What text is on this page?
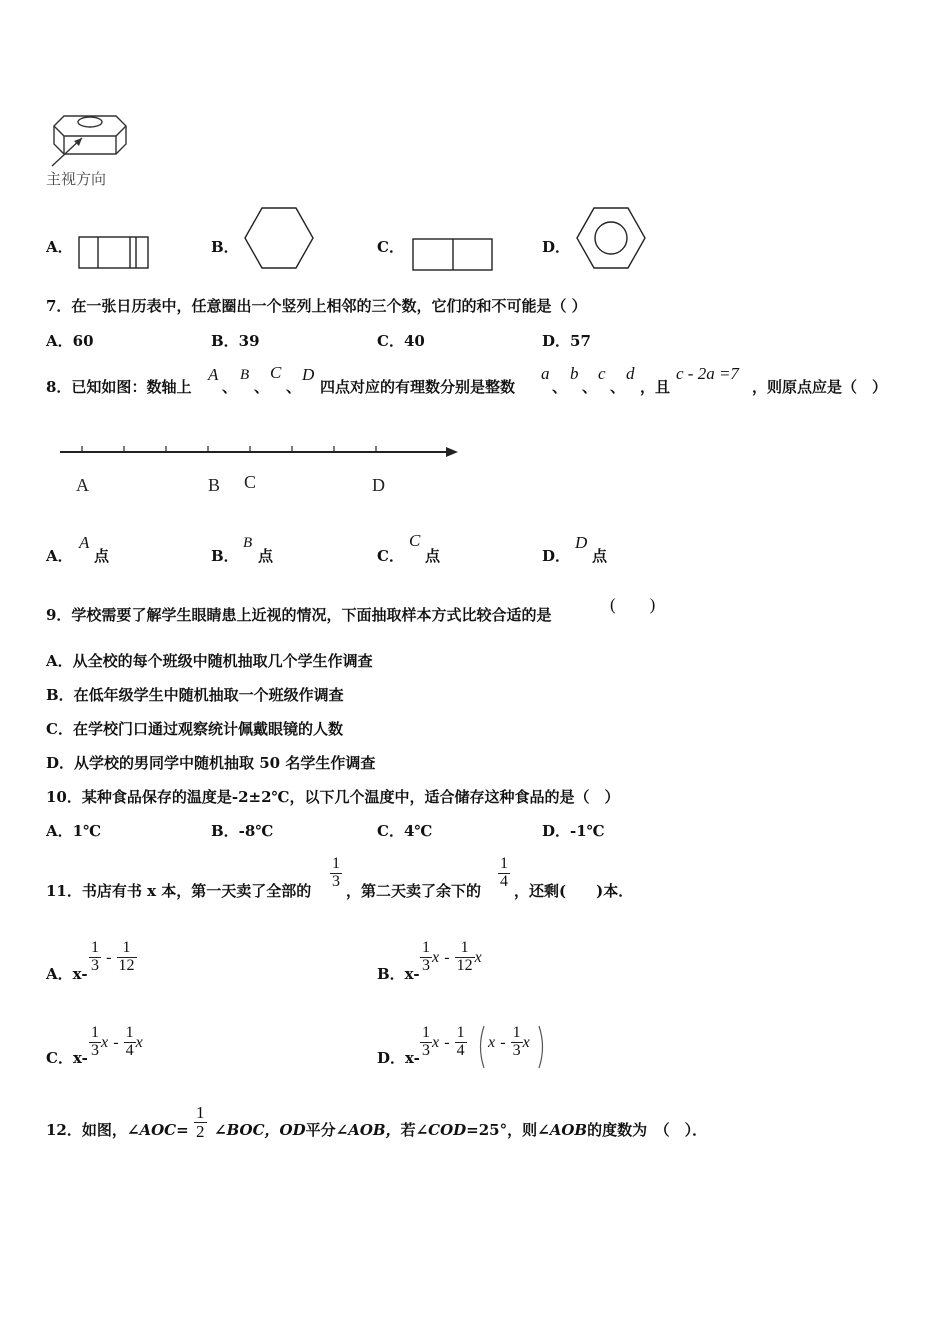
主视方向
A．	B．	C．	D．
7．在一张日历表中，任意圈出一个竖列上相邻的三个数，它们的和不可能是（ ）
A．60	B．39	C．40	D．57
8．已知如图：数轴上
A
、
B
、
C
、
D
四点对应的有理数分别是整数
a
、
b
、
c
、
d
，且
c - 2a =7
，则原点应是（　）
A	B C	D
A．
A
点	B．
B
点	C．
C
点	D．
D
点
9．学校需要了解学生眼睛患上近视的情况，下面抽取样本方式比较合适的是
(　　)
A．从全校的每个班级中随机抽取几个学生作调查
B．在低年级学生中随机抽取一个班级作调查
C．在学校门口通过观察统计佩戴眼镜的人数
D．从学校的男同学中随机抽取 50 名学生作调查
10．某种食品保存的温度是-2±2℃，以下几个温度中，适合储存这种食品的是（　）
A．1℃	B．-8℃	C．4℃	D．-1℃
11．书店有书 x 本，第一天卖了全部的
$\frac{1}{3}$
，第二天卖了余下的
$\frac{1}{4}$
，还剩(　　)本．
A．$x- \frac{1}{3} - \frac{1}{12}$	B．$x- \frac{1}{3}$ x - $\frac{1}{12}$ x
C．$x- \frac{1}{3}$ x - $\frac{1}{4}$ x
D．$x- \frac{1}{3}$ x - $\frac{1}{4}$ x - $\frac{1}{3}$ x
12．如图，∠AOC= $\frac{1}{2}$ ∠BOC，OD平分∠AOB，若∠COD=25°，则∠AOB的度数为　（　）．
